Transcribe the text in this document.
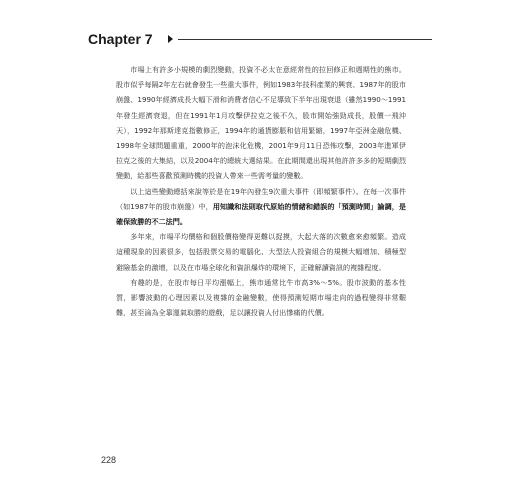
Chapter 7

市場上有許多小規模的劇烈變動，投資不必太在意經常性的拉回修正和週期性的熊市。股市似乎每隔2年左右就會發生一些重大事件，例如1983年技科產業的興衰、1987年的股市崩盤、1990年經濟成長大幅下滑和消費者信心不足導致下半年出現衰退（雖然1990～1991年發生經濟衰退，但在1991年1月攻擊伊拉克之後不久，股市開始強勁成長，股價一飛沖天），1992年那斯達克指數修正，1994年的通貨膨脹和信用緊縮，1997年亞洲金融危機、1998年全球問題重重，2000年的泡沫化危機，2001年9月11日恐怖攻擊，2003年進軍伊拉克之後的大集結，以及2004年的總統大選結果。在此期間還出現其他許許多多的短期劇烈變動，給那些喜歡預測時機的投資人帶來一些需考量的變數。

以上這些變動總括來說等於是在19年內發生9次重大事件（即頻繁事件）。在每一次事件（如1987年的股市崩盤）中，用知識和法則取代原始的情緒和錯誤的「預測時間」論調，是確保致勝的不二法門。

多年來，市場平均價格和個股價格變得更難以捉摸，大起大落的次數愈來愈頻繁。造成這種現象的因素很多，包括股票交易的電腦化、大型法人投資組合的規模大幅增加、積極型避險基金的激增，以及在市場全球化和資訊爆炸的環境下，正確解讀資訊的複雜程度。

有趣的是，在股市每日平均漲幅上，熊市通常比牛市高3%～5%。股市波動的基本性質，影響波動的心理因素以及複雜的金融變數，使得預測短期市場走向的過程變得非常艱難，甚至淪為全靠運氣取勝的遊戲，足以讓投資人付出慘痛的代價。

228
